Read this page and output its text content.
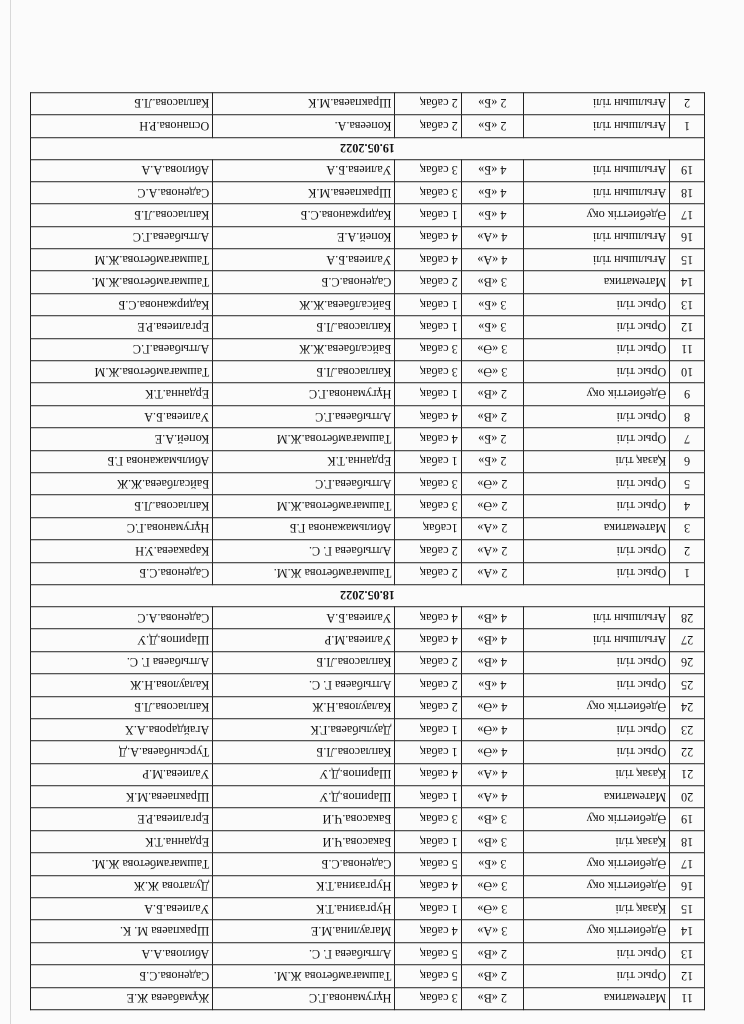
11	Математика	2 «В»	3 сабақ	Нұгуманова.Г.С	Жұмабаева Ж.Е
12	Орыс тілі	2 «В»	5 сабақ	Ташмағамбетова Ж.М.	Саденова.С.Б
13	Орыс тілі	2 «В»	5 сабақ	Алтыбаева Г. С.	Абилова.А.А
14	Әдебиеттік оқу	3 «А»	4 сабақ	Магаулина.М.Е	Шракпаева М. К.
15	Қазақ тілі	3 «Ә»	1 сабақ	Нургазина.Т.К	Уалиева.Б.А
16	Әдебиеттік оқу	3 «Ә»	4 сабақ	Нургазина.Т.К	Дулатова Ж.Ж
17	Әдебиеттік оқу	3 «Б»	5 сабақ	Саденова.С.Б	Ташмағамбетова Ж.М.
18	Қазақ тілі	3 «В»	1 сабақ	Бакасова.Ч.И	Ерданна.Т.К
19	Әдебиеттік оқу	3 «В»	3 сабақ	Бакасова.Ч.И	Ергалиева.Р.Е
20	Математика	4 «А»	1 сабақ	Шарипов.Д.У	Шракпаева.М.К
21	Қазақ тілі	4 «А»	4 сабақ	Шарипов.Д.У	Уалиева.М.Р
22	Орыс тілі	4 «Ә»	1 сабақ	Капласова.Л.Б	Турсынбаева.А.Д
23	Орыс тілі	4 «Ә»	1 сабақ	Даулыбаева.Г.К	Агайдарова.А.Х
24	Әдебиеттік оқу	4 «Ә»	2 сабақ	Калаулова.Н.Ж	Капласова.Л.Б
25	Орыс тілі	4 «Б»	2 сабақ	Алтыбаева Г. С.	Калаулова.Н.Ж
26	Орыс тілі	4 «В»	2 сабақ	Капласова.Л.Б	Алтыбаева Г. С.
27	Ағылшын тілі	4 «В»	4 сабақ	Уалиева.М.Р	Шарипов.Д.У
28	Ағылшын тілі	4 «В»	4 сабақ	Уалиева.Б.А	Саденова.А.С
18.05.2022					
1	Орыс тілі	2 «А»	2 сабақ	Ташмағамбетова Ж.М.	Саденова.С.Б
2	Орыс тілі	2 «А»	2 сабақ	Алтыбаева Г. С.	Каракаева.У.Н
3	Математика	2 «А»	1сабақ	Абильмажанова Г.Б	Нұгуманова.Г.С
4	Орыс тілі	2 «Ә»	3 сабақ	Ташмағамбетова.Ж.М	Капласова.Л.Б
5	Орыс тілі	2 «Ә»	3 сабақ	Алтыбаева.Г.С	Байсалбаева.Ж.Ж
6	Қазақ тілі	2 «Б»	1 сабақ	Ерданна.Т.К	Абильмажанова Г.Б
7	Орыс тілі	2 «Б»	4 сабақ	Ташмағамбетова.Ж.М	Копей.А.Е
8	Орыс тілі	2 «В»	4 сабақ	Алтыбаева.Г.С	Уалиева.Б.А
9	Әдебиеттік оқу	2 «В»	1 сабақ	Нұгуманова.Г.С	Ерданна.Т.К
10	Орыс тілі	3 «Ә»	3 сабақ	Капласова.Л.Б	Ташмағамбетова.Ж.М
11	Орыс тілі	3 «Ә»	3 сабақ	Байсалбаева.Ж.Ж	Алтыбаева.Г.С
12	Орыс тілі	3 «Б»	1 сабақ	Капласова.Л.Б	Ергалиева.Р.Е
13	Орыс тілі	3 «Б»	1 сабақ	Байсалбаева.Ж.Ж	Кадиржанова.С.Б
14	Математика	3 «В»	2 сабақ	Саденова.С.Б	Ташмағамбетова.Ж.М.
15	Ағылшын тілі	4 «А»	4 сабақ	Уалиева.Б.А	Ташмағамбетова.Ж.М
16	Ағылшын тілі	4 «А»	4 сабақ	Копей.А.Е	Алтыбаева.Г.С
17	Әдебиеттік оқу	4 «Б»	1 сабақ	Кадиржанова.С.Б	Капласова.Л.Б
18	Ағылшын тілі	4 «Б»	3 сабақ	Шракпаева.М.К	Саденова.А.С
19	Ағылшын тілі	4 «Б»	3 сабақ	Уалиева.Б.А	Абилова.А.А
19.05.2022					
1	Ағылшын тілі	2 «Б»	2 сабақ	Копеева.А.	Оспанова.Р.Н
2	Ағылшын тілі	2 «Б»	2 сабақ	Шракпаева.М.К	Капласова.Л.Б
